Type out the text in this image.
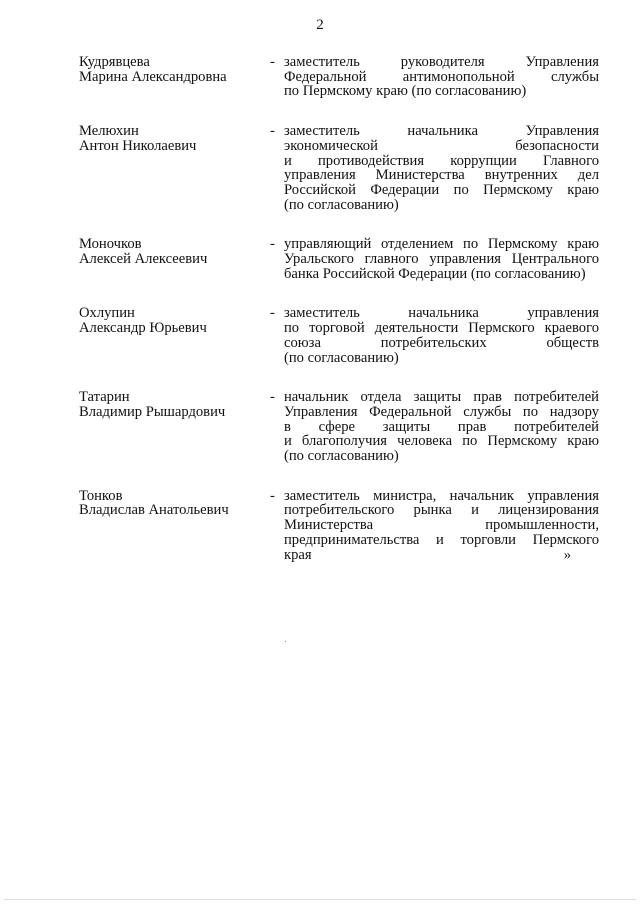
2
Кудрявцева
Марина Александровна
- заместитель руководителя Управления
Федеральной антимонопольной службы
по Пермскому краю (по согласованию)
Мелюхин
Антон Николаевич
- заместитель начальника Управления
экономической безопасности
и противодействия коррупции Главного
управления Министерства внутренних дел
Российской Федерации по Пермскому краю
(по согласованию)
Моночков
Алексей Алексеевич
- управляющий отделением по Пермскому краю
Уральского главного управления Центрального
банка Российской Федерации (по согласованию)
Охлупин
Александр Юрьевич
- заместитель начальника управления
по торговой деятельности Пермского краевого
союза потребительских обществ
(по согласованию)
Татарин
Владимир Рышардович
- начальник отдела защиты прав потребителей
Управления Федеральной службы по надзору
в сфере защиты прав потребителей
и благополучия человека по Пермскому краю
(по согласованию)
Тонков
Владислав Анатольевич
- заместитель министра, начальник управления
потребительского рынка и лицензирования
Министерства промышленности,
предпринимательства и торговли Пермского
края »
